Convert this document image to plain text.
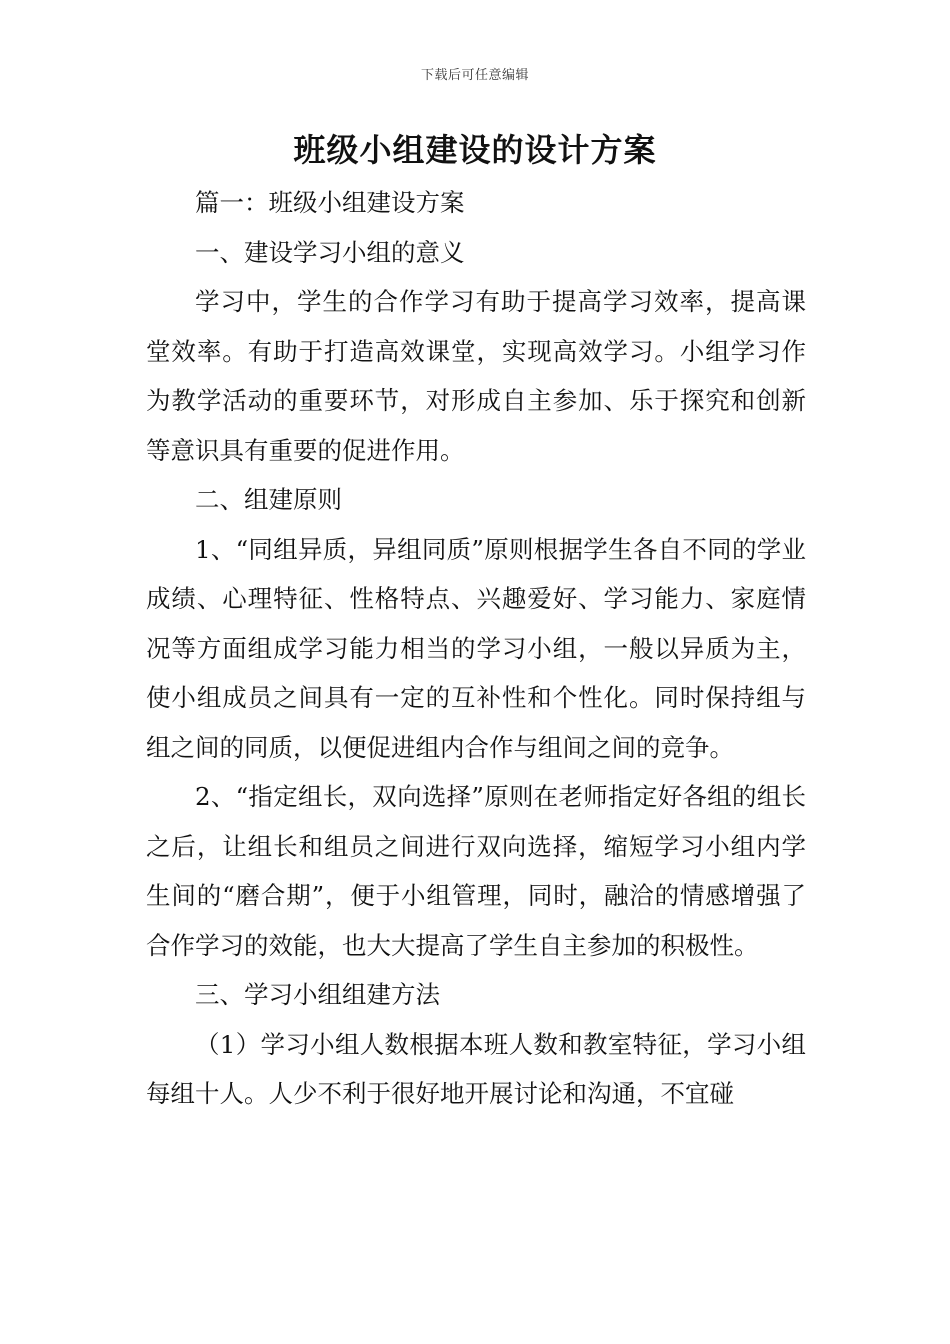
下载后可任意编辑
班级小组建设的设计方案

篇一：班级小组建设方案

一、建设学习小组的意义

学习中，学生的合作学习有助于提高学习效率，提高课堂效率。有助于打造高效课堂，实现高效学习。小组学习作为教学活动的重要环节，对形成自主参加、乐于探究和创新等意识具有重要的促进作用。

二、组建原则

1、“同组异质，异组同质”原则根据学生各自不同的学业成绩、心理特征、性格特点、兴趣爱好、学习能力、家庭情况等方面组成学习能力相当的学习小组，一般以异质为主，使小组成员之间具有一定的互补性和个性化。同时保持组与组之间的同质，以便促进组内合作与组间之间的竞争。

2、“指定组长，双向选择”原则在老师指定好各组的组长之后，让组长和组员之间进行双向选择，缩短学习小组内学生间的“磨合期”，便于小组管理，同时，融洽的情感增强了合作学习的效能，也大大提高了学生自主参加的积极性。

三、学习小组组建方法

（1）学习小组人数根据本班人数和教室特征，学习小组每组十人。人少不利于很好地开展讨论和沟通，不宜碰
